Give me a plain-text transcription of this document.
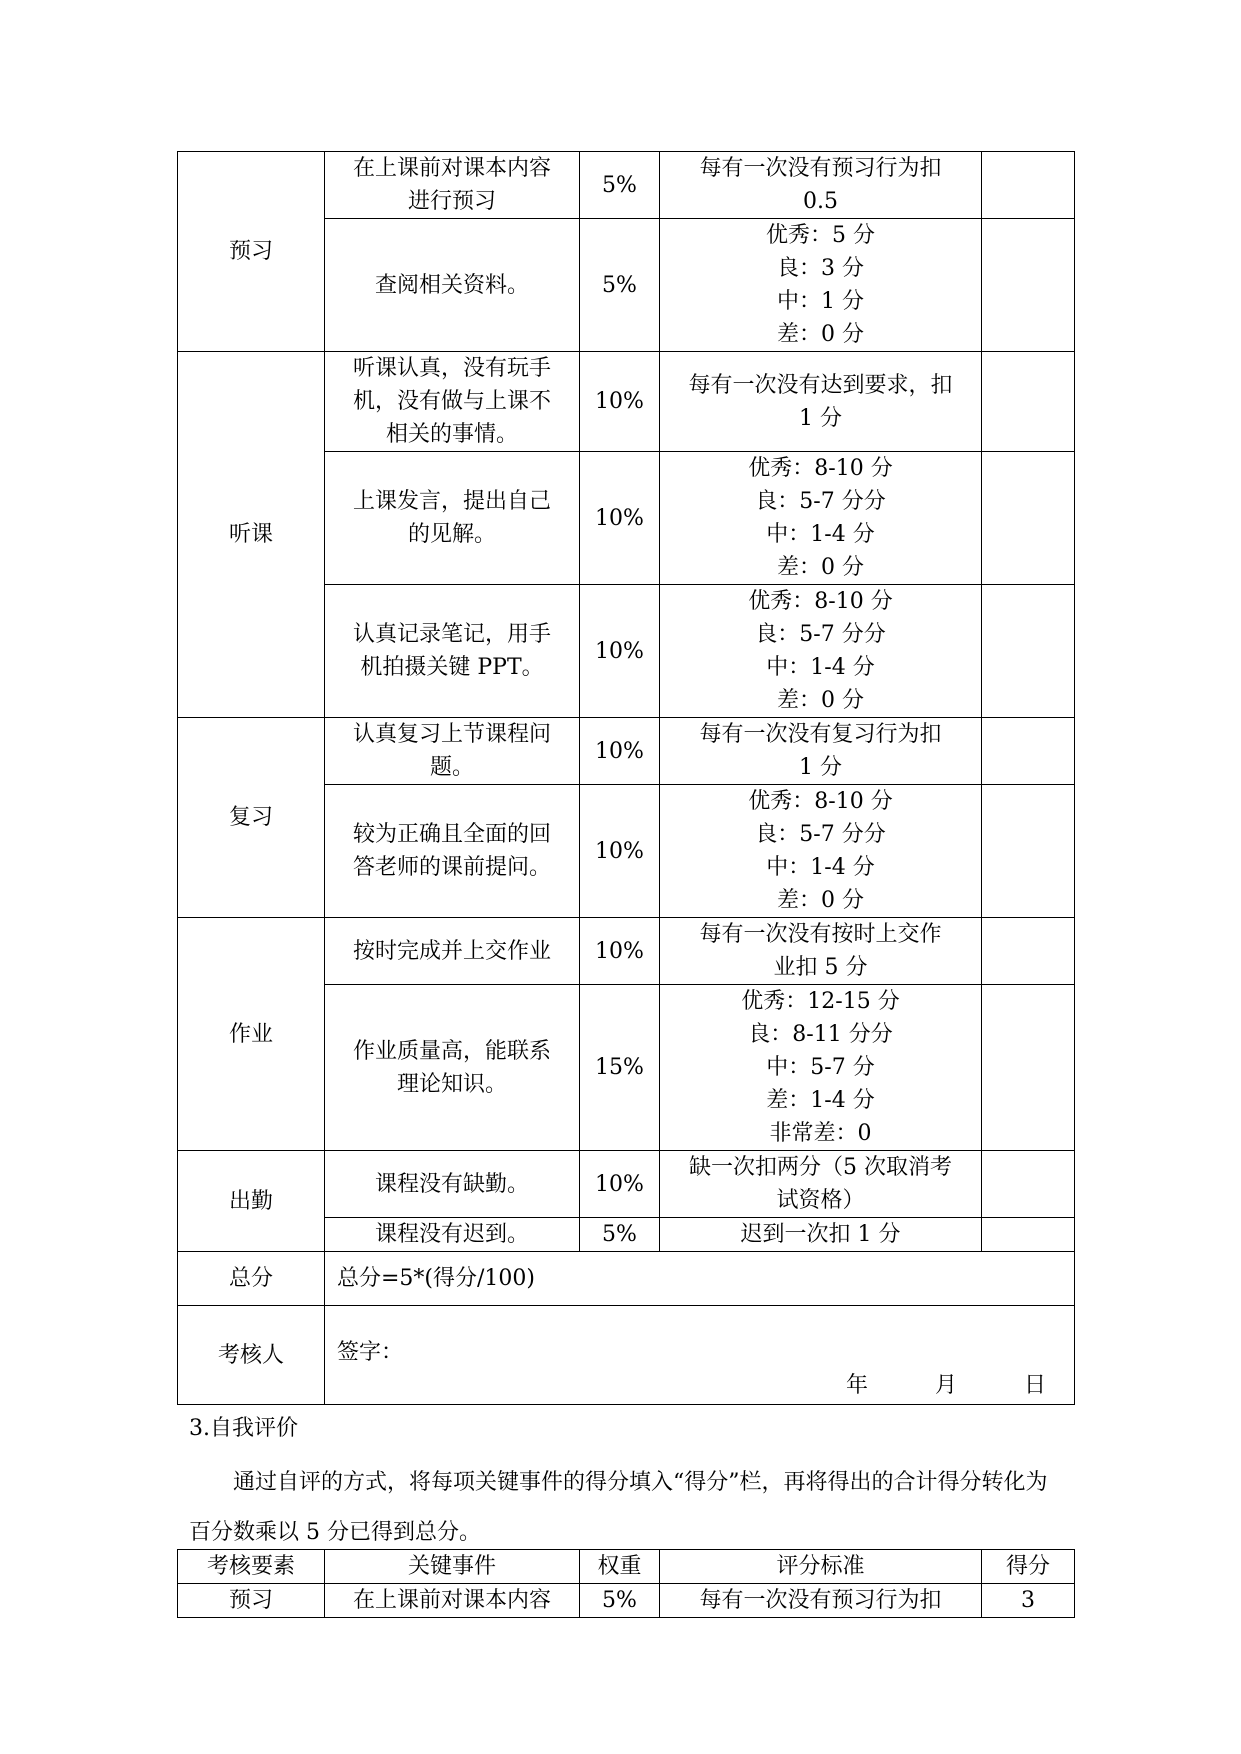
预习	在上课前对课本内容
进行预习	5%	每有一次没有预习行为扣
0.5	

	查阅相关资料。	5%	优秀：5 分
良：3 分
中：1 分
差：0 分	

听课	听课认真，没有玩手
机，没有做与上课不
相关的事情。	10%	每有一次没有达到要求，扣
1 分	

	上课发言，提出自己
的见解。	10%	优秀：8-10 分
良：5-7 分分
中：1-4 分
差：0 分	

	认真记录笔记，用手
机拍摄关键 PPT。	10%	优秀：8-10 分
良：5-7 分分
中：1-4 分
差：0 分	

复习	认真复习上节课程问
题。	10%	每有一次没有复习行为扣
1 分	

	较为正确且全面的回
答老师的课前提问。	10%	优秀：8-10 分
良：5-7 分分
中：1-4 分
差：0 分	

作业	按时完成并上交作业	10%	每有一次没有按时上交作
业扣 5 分	

	作业质量高，能联系
理论知识。	15%	优秀：12-15 分
良：8-11 分分
中：5-7 分
差：1-4 分
非常差：0	

出勤	课程没有缺勤。	10%	缺一次扣两分（5 次取消考
试资格）	

	课程没有迟到。	5%	迟到一次扣 1 分	

总分	总分=5*(得分/100)			
考核人	签字：
年 月 日			
3.自我评价
通过自评的方式，将每项关键事件的得分填入“得分”栏，再将得出的合计得分转化为百分数乘以 5 分已得到总分。
考核要素	关键事件	权重	评分标准	得分
预习	在上课前对课本内容	5%	每有一次没有预习行为扣	3
